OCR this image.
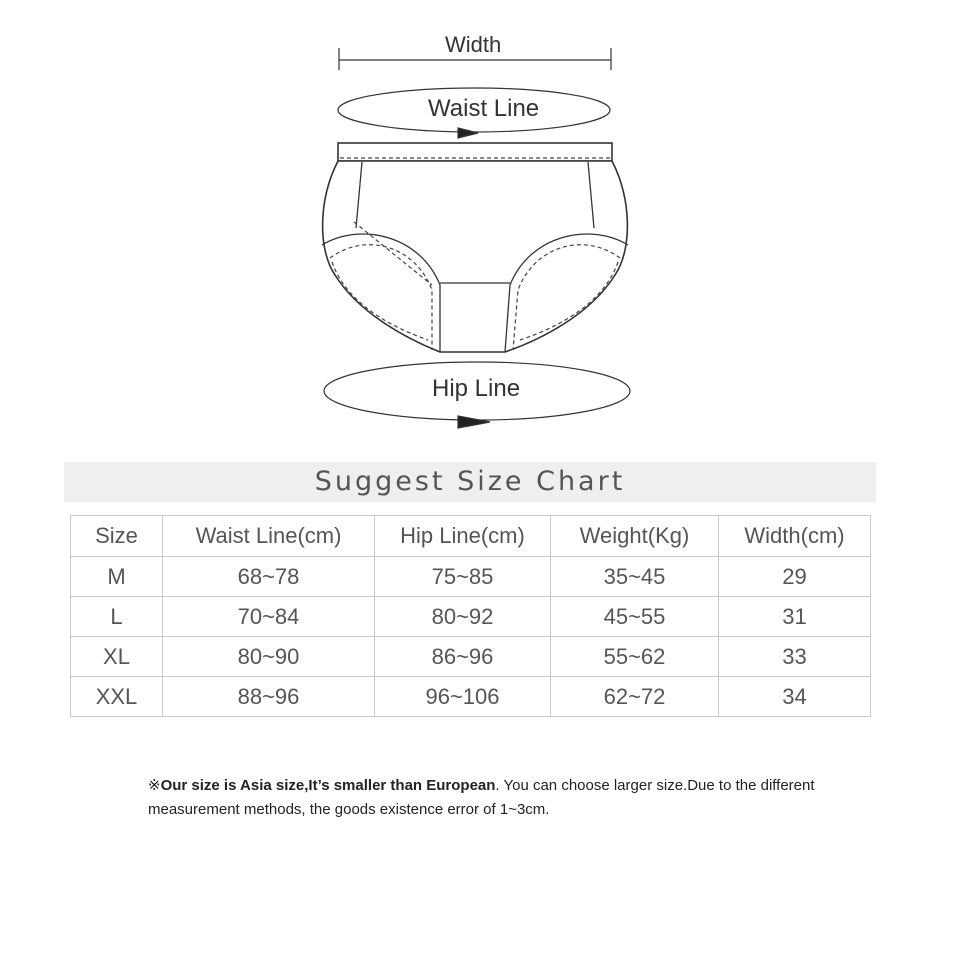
Width
Waist Line
Hip Line
Suggest Size Chart
Size	Waist Line(cm)	Hip Line(cm)	Weight(Kg)	Width(cm)
M	68~78	75~85	35~45	29
L	70~84	80~92	45~55	31
XL	80~90	86~96	55~62	33
XXL	88~96	96~106	62~72	34
※Our size is Asia size,It’s smaller than European. You can choose larger size.Due to the different measurement methods, the goods existence error of 1~3cm.
